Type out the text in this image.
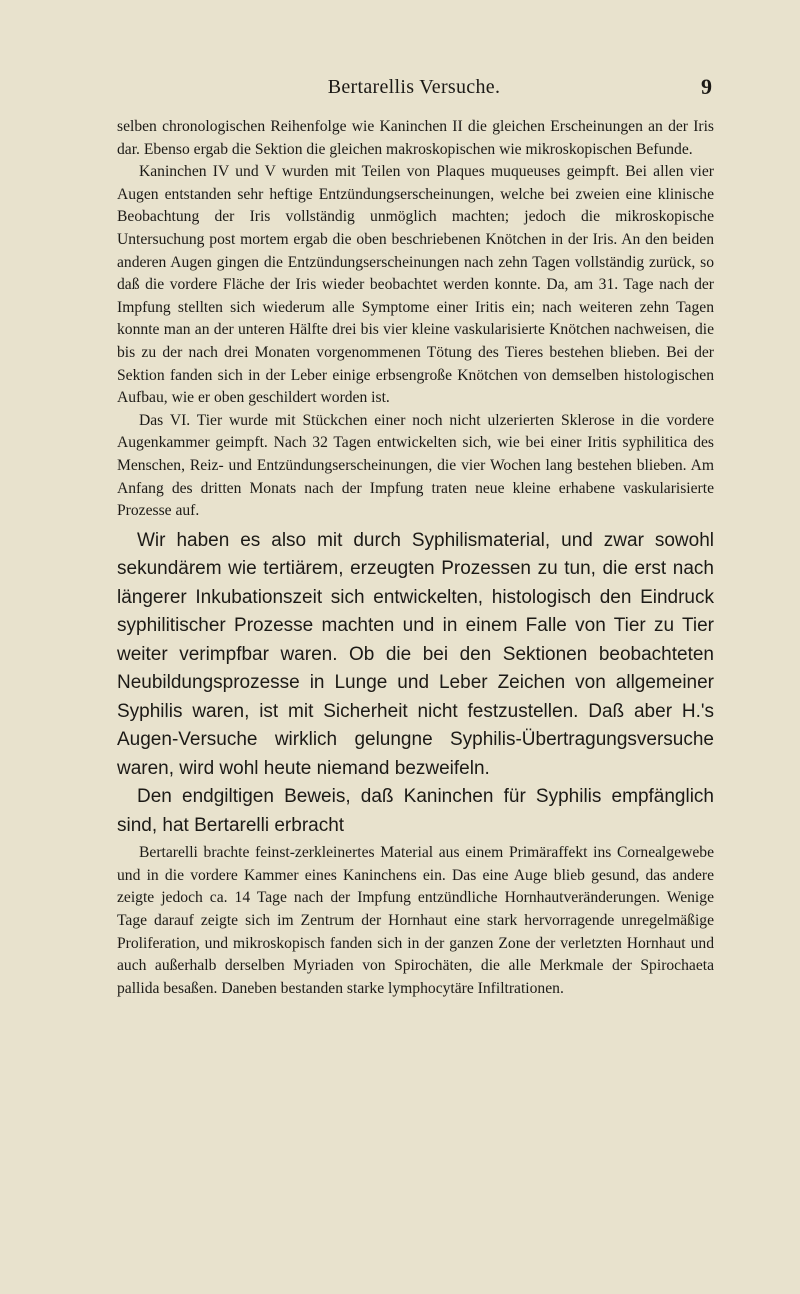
Bertarellis Versuche.	9

selben chronologischen Reihenfolge wie Kaninchen II die gleichen Erscheinungen an der Iris dar. Ebenso ergab die Sektion die gleichen makroskopischen wie mikroskopischen Befunde.

Kaninchen IV und V wurden mit Teilen von Plaques muqueuses geimpft. Bei allen vier Augen entstanden sehr heftige Entzündungserscheinungen, welche bei zweien eine klinische Beobachtung der Iris vollständig unmöglich machten; jedoch die mikroskopische Untersuchung post mortem ergab die oben beschriebenen Knötchen in der Iris. An den beiden anderen Augen gingen die Entzündungserscheinungen nach zehn Tagen vollständig zurück, so daß die vordere Fläche der Iris wieder beobachtet werden konnte. Da, am 31. Tage nach der Impfung stellten sich wiederum alle Symptome einer Iritis ein; nach weiteren zehn Tagen konnte man an der unteren Hälfte drei bis vier kleine vaskularisierte Knötchen nachweisen, die bis zu der nach drei Monaten vorgenommenen Tötung des Tieres bestehen blieben. Bei der Sektion fanden sich in der Leber einige erbsengroße Knötchen von demselben histologischen Aufbau, wie er oben geschildert worden ist.

Das VI. Tier wurde mit Stückchen einer noch nicht ulzerierten Sklerose in die vordere Augenkammer geimpft. Nach 32 Tagen entwickelten sich, wie bei einer Iritis syphilitica des Menschen, Reiz- und Entzündungserscheinungen, die vier Wochen lang bestehen blieben. Am Anfang des dritten Monats nach der Impfung traten neue kleine erhabene vaskularisierte Prozesse auf.

Wir haben es also mit durch Syphilismaterial, und zwar sowohl sekundärem wie tertiärem, erzeugten Prozessen zu tun, die erst nach längerer Inkubationszeit sich entwickelten, histologisch den Eindruck syphilitischer Prozesse machten und in einem Falle von Tier zu Tier weiter verimpfbar waren. Ob die bei den Sektionen beobachteten Neubildungsprozesse in Lunge und Leber Zeichen von allgemeiner Syphilis waren, ist mit Sicherheit nicht festzustellen. Daß aber H.'s Augen-Versuche wirklich gelungne Syphilis-Übertragungsversuche waren, wird wohl heute niemand bezweifeln.

Den endgiltigen Beweis, daß Kaninchen für Syphilis empfänglich sind, hat Bertarelli erbracht

Bertarelli brachte feinst-zerkleinertes Material aus einem Primäraffekt ins Cornealgewebe und in die vordere Kammer eines Kaninchens ein. Das eine Auge blieb gesund, das andere zeigte jedoch ca. 14 Tage nach der Impfung entzündliche Hornhautveränderungen. Wenige Tage darauf zeigte sich im Zentrum der Hornhaut eine stark hervorragende unregelmäßige Proliferation, und mikroskopisch fanden sich in der ganzen Zone der verletzten Hornhaut und auch außerhalb derselben Myriaden von Spirochäten, die alle Merkmale der Spirochaeta pallida besaßen. Daneben bestanden starke lymphocytäre Infiltrationen.
